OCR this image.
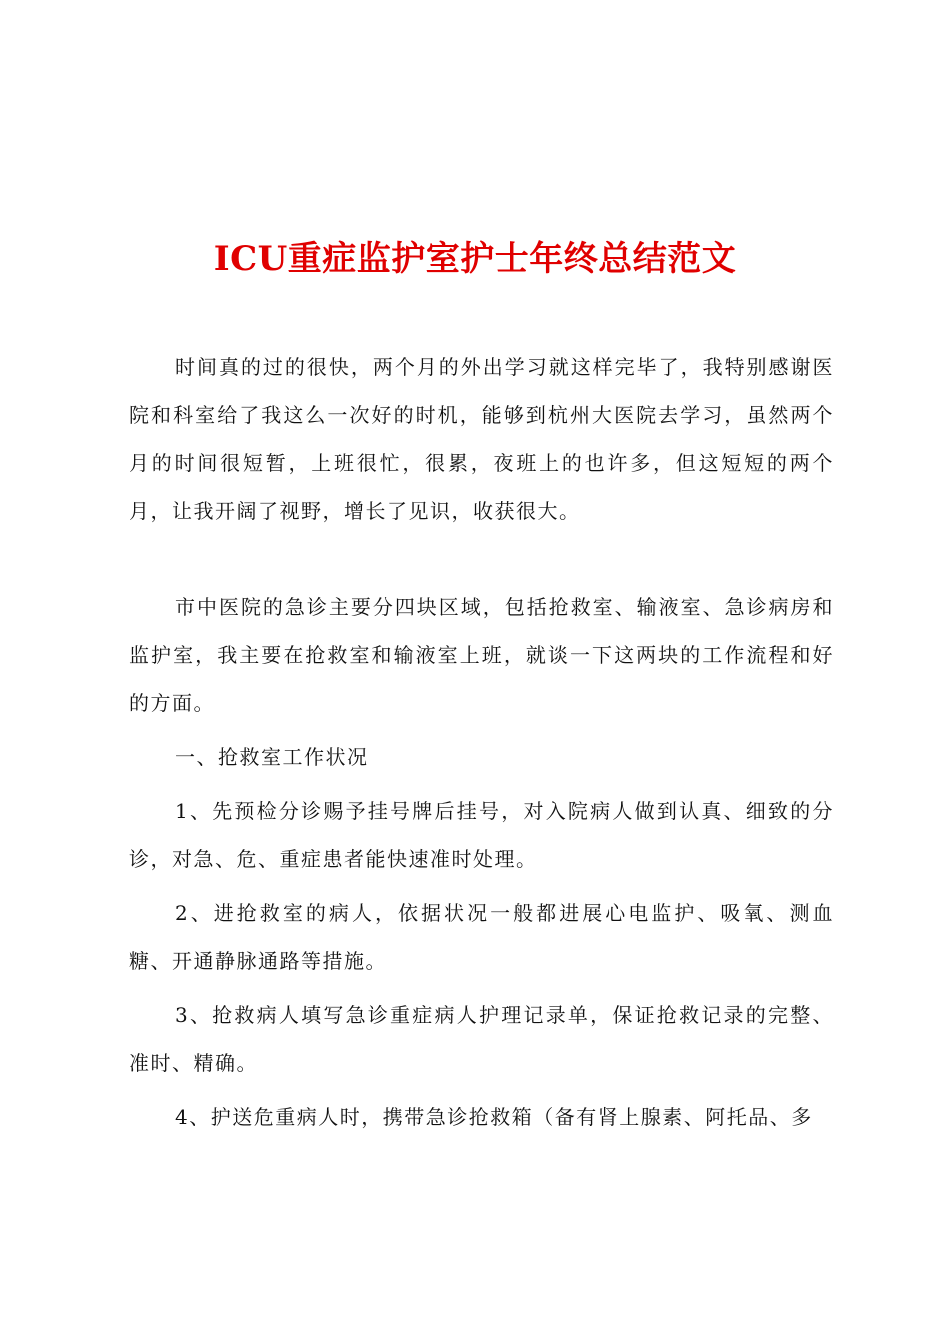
ICU重症监护室护士年终总结范文

时间真的过的很快，两个月的外出学习就这样完毕了，我特别感谢医院和科室给了我这么一次好的时机，能够到杭州大医院去学习，虽然两个月的时间很短暂，上班很忙，很累，夜班上的也许多，但这短短的两个月，让我开阔了视野，增长了见识，收获很大。

市中医院的急诊主要分四块区域，包括抢救室、输液室、急诊病房和监护室，我主要在抢救室和输液室上班，就谈一下这两块的工作流程和好的方面。

一、抢救室工作状况

1、先预检分诊赐予挂号牌后挂号，对入院病人做到认真、细致的分诊，对急、危、重症患者能快速准时处理。

2、进抢救室的病人，依据状况一般都进展心电监护、吸氧、测血糖、开通静脉通路等措施。

3、抢救病人填写急诊重症病人护理记录单，保证抢救记录的完整、准时、精确。

4、护送危重病人时，携带急诊抢救箱（备有肾上腺素、阿托品、多
